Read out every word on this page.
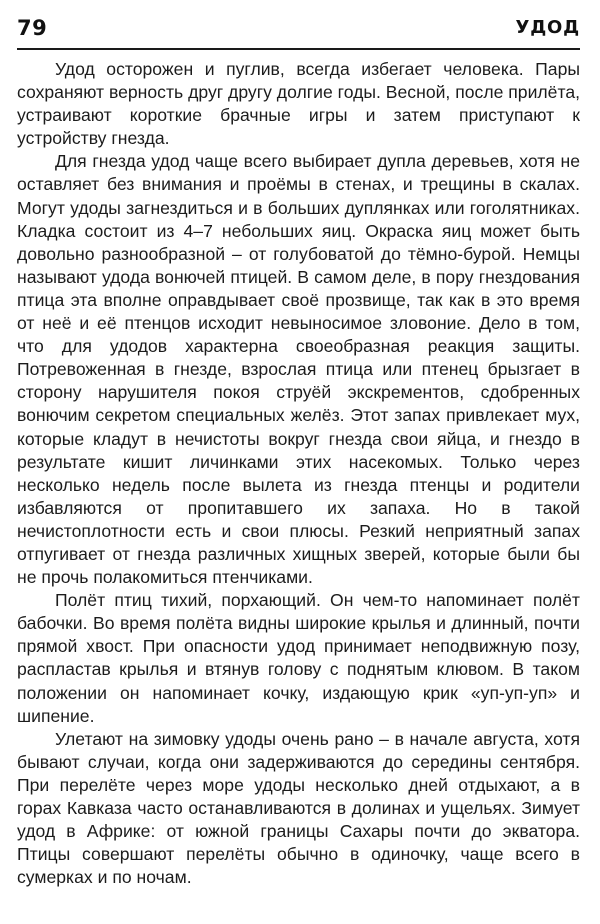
79	УДОД

Удод осторожен и пуглив, всегда избегает человека. Пары сохраняют верность друг другу долгие годы. Весной, после прилёта, устраивают короткие брачные игры и затем приступают к устройству гнезда.

Для гнезда удод чаще всего выбирает дупла деревьев, хотя не оставляет без внимания и проёмы в стенах, и трещины в скалах. Могут удоды загнездиться и в больших дуплянках или гоголятниках. Кладка состоит из 4–7 небольших яиц. Окраска яиц может быть довольно разнообразной – от голубоватой до тёмно-бурой. Немцы называют удода вонючей птицей. В самом деле, в пору гнездования птица эта вполне оправдывает своё прозвище, так как в это время от неё и её птенцов исходит невыносимое зловоние. Дело в том, что для удодов характерна своеобразная реакция защиты. Потревоженная в гнезде, взрослая птица или птенец брызгает в сторону нарушителя покоя струёй экскрементов, сдобренных вонючим секретом специальных желёз. Этот запах привлекает мух, которые кладут в нечистоты вокруг гнезда свои яйца, и гнездо в результате кишит личинками этих насекомых. Только через несколько недель после вылета из гнезда птенцы и родители избавляются от пропитавшего их запаха. Но в такой нечистоплотности есть и свои плюсы. Резкий неприятный запах отпугивает от гнезда различных хищных зверей, которые были бы не прочь полакомиться птенчиками.

Полёт птиц тихий, порхающий. Он чем-то напоминает полёт бабочки. Во время полёта видны широкие крылья и длинный, почти прямой хвост. При опасности удод принимает неподвижную позу, распластав крылья и втянув голову с поднятым клювом. В таком положении он напоминает кочку, издающую крик «уп-уп-уп» и шипение.

Улетают на зимовку удоды очень рано – в начале августа, хотя бывают случаи, когда они задерживаются до середины сентября. При перелёте через море удоды несколько дней отдыхают, а в горах Кавказа часто останавливаются в долинах и ущельях. Зимует удод в Африке: от южной границы Сахары почти до экватора. Птицы совершают перелёты обычно в одиночку, чаще всего в сумерках и по ночам.
